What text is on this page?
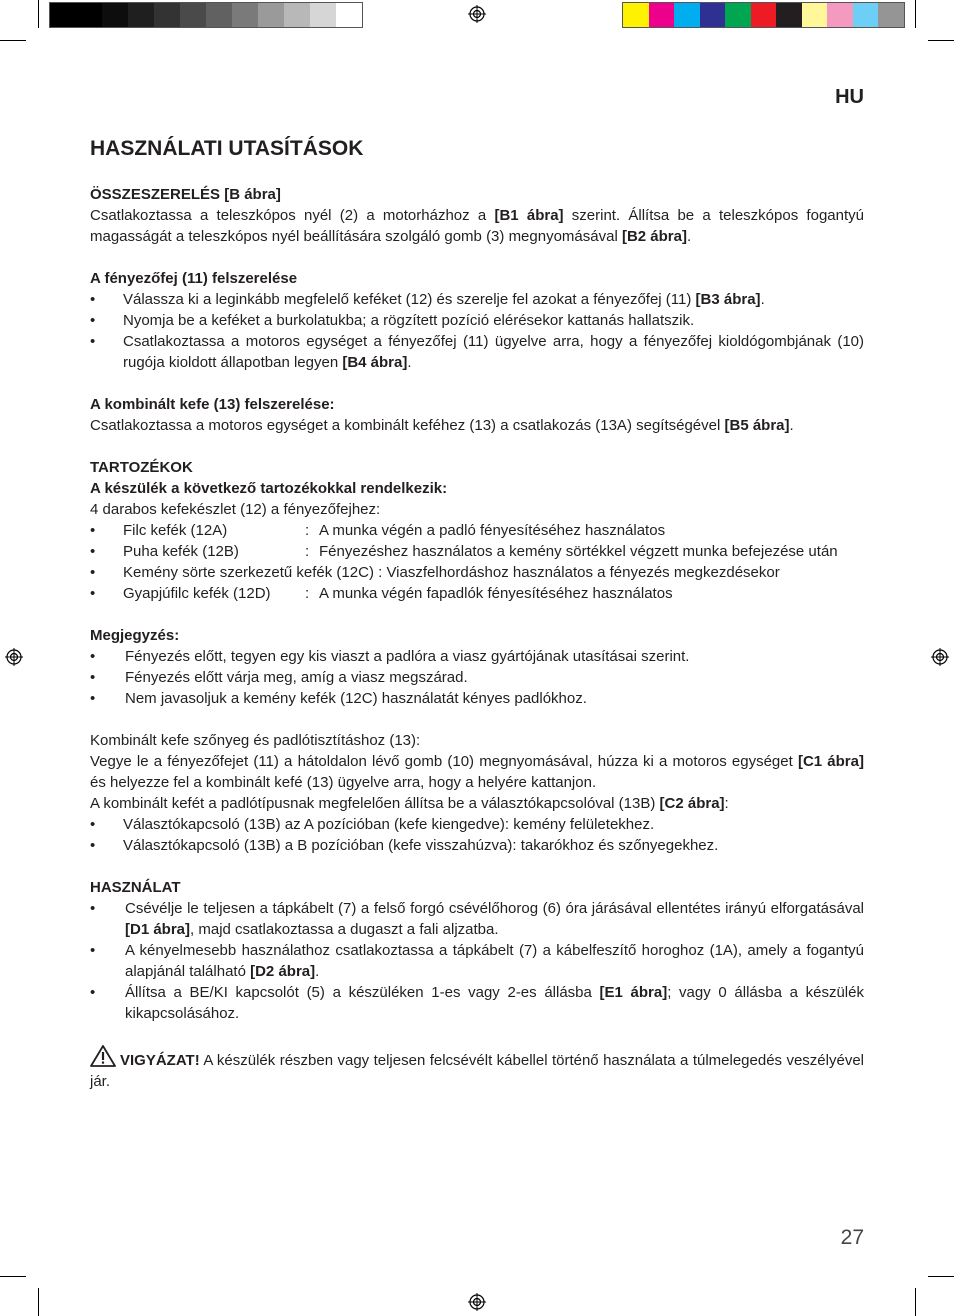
HU
HASZNÁLATI UTASÍTÁSOK
ÖSSZESZERELÉS [B ábra]

Csatlakoztassa a teleszkópos nyél (2) a motorházhoz a [B1 ábra] szerint. Állítsa be a teleszkópos fogantyú magasságát a teleszkópos nyél beállítására szolgáló gomb (3) megnyomásával [B2 ábra].

A fényezőfej (11) felszerelése
•	Válassza ki a leginkább megfelelő keféket (12) és szerelje fel azokat a fényezőfej (11) [B3 ábra].
•	Nyomja be a keféket a burkolatukba; a rögzített pozíció elérésekor kattanás hallatszik.
•	Csatlakoztassa a motoros egységet a fényezőfej (11) ügyelve arra, hogy a fényezőfej kioldógombjának (10) rugója kioldott állapotban legyen [B4 ábra].
A kombinált kefe (13) felszerelése:

Csatlakoztassa a motoros egységet a kombinált keféhez (13) a csatlakozás (13A) segítségével [B5 ábra].

TARTOZÉKOK
A készülék a következő tartozékokkal rendelkezik:
4 darabos kefekészlet (12) a fényezőfejhez:
•	Filc kefék (12A)	: A munka végén a padló fényesítéséhez használatos
•	Puha kefék (12B)	: Fényezéshez használatos a kemény sörtékkel végzett munka befejezése után
•	Kemény sörte szerkezetű kefék (12C) : Viaszfelhordáshoz használatos a fényezés megkezdésekor
•	Gyapjúfilc kefék (12D)	: A munka végén fapadlók fényesítéséhez használatos
Megjegyzés:
•	Fényezés előtt, tegyen egy kis viaszt a padlóra a viasz gyártójának utasításai szerint.
•	Fényezés előtt várja meg, amíg a viasz megszárad.
•	Nem javasoljuk a kemény kefék (12C) használatát kényes padlókhoz.
Kombinált kefe szőnyeg és padlótisztításhoz (13):

Vegye le a fényezőfejet (11) a hátoldalon lévő gomb (10) megnyomásával, húzza ki a motoros egységet [C1 ábra] és helyezze fel a kombinált kefé (13) ügyelve arra, hogy a helyére kattanjon.

A kombinált kefét a padlótípusnak megfelelően állítsa be a választókapcsolóval (13B) [C2 ábra]:

•	Választókapcsoló (13B) az A pozícióban (kefe kiengedve): kemény felületekhez.
•	Választókapcsoló (13B) a B pozícióban (kefe visszahúzva): takarókhoz és szőnyegekhez.
HASZNÁLAT
•	Csévélje le teljesen a tápkábelt (7) a felső forgó csévélőhorog (6) óra járásával ellentétes irányú elforgatásával [D1 ábra], majd csatlakoztassa a dugaszt a fali aljzatba.
•	A kényelmesebb használathoz csatlakoztassa a tápkábelt (7) a kábelfeszítő horoghoz (1A), amely a fogantyú alapjánál található [D2 ábra].
•	Állítsa a BE/KI kapcsolót (5) a készüléken 1-es vagy 2-es állásba [E1 ábra]; vagy 0 állásba a készülék kikapcsolásához.

VIGYÁZAT! A készülék részben vagy teljesen felcsévélt kábellel történő használata a túlmelegedés veszélyével jár.

27
